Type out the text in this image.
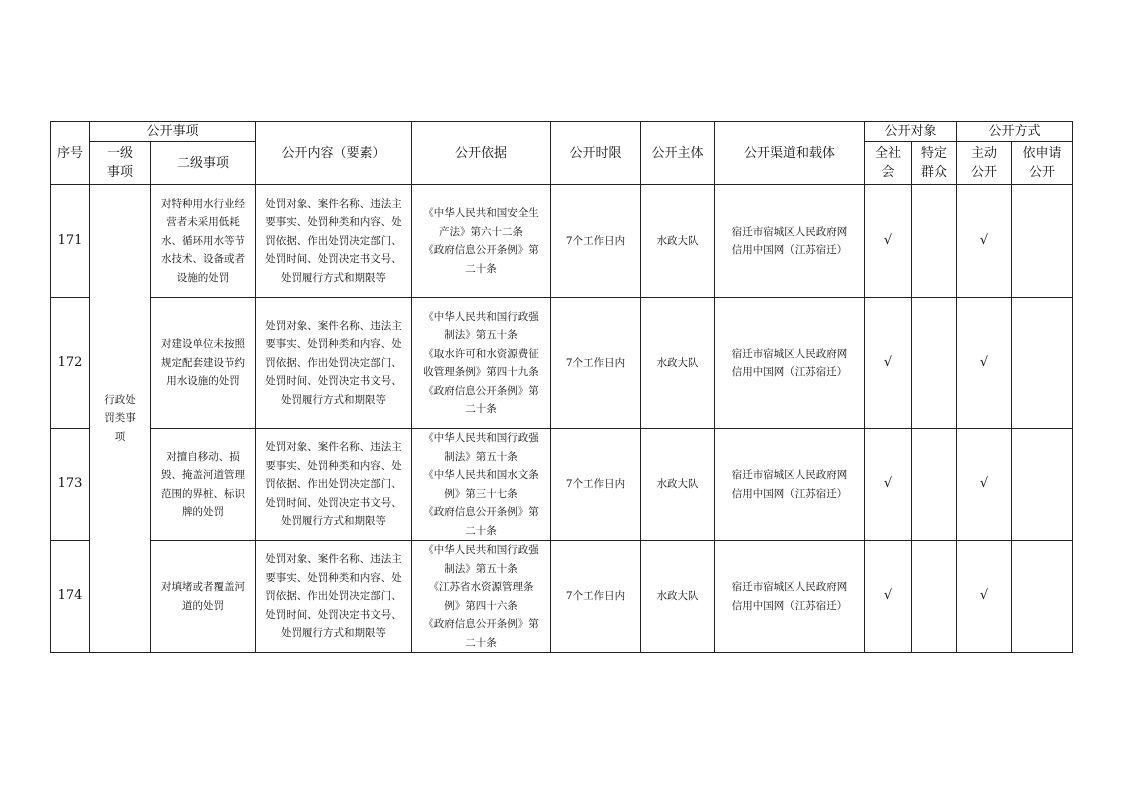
序号	公开事项		公开内容（要素）	公开依据	公开时限	公开主体	公开渠道和载体	公开对象		公开方式	
	一级事项	二级事项						全社会	特定群众	主动公开	依申请公开
171	行政处罚类事项	对特种用水行业经营者未采用低耗水、循环用水等节水技术、设备或者设施的处罚	处罚对象、案件名称、违法主要事实、处罚种类和内容、处罚依据、作出处罚决定部门、处罚时间、处罚决定书文号、处罚履行方式和期限等	《中华人民共和国安全生产法》第六十二条
《政府信息公开条例》第二十条	7个工作日内	水政大队	宿迁市宿城区人民政府网
信用中国网（江苏宿迁）	√		√	
172		对建设单位未按照规定配套建设节约用水设施的处罚	处罚对象、案件名称、违法主要事实、处罚种类和内容、处罚依据、作出处罚决定部门、处罚时间、处罚决定书文号、处罚履行方式和期限等	《中华人民共和国行政强制法》第五十条
《取水许可和水资源费征收管理条例》第四十九条
《政府信息公开条例》第二十条	7个工作日内	水政大队	宿迁市宿城区人民政府网
信用中国网（江苏宿迁）	√		√	
173		对擅自移动、损毁、掩盖河道管理范围的界桩、标识牌的处罚	处罚对象、案件名称、违法主要事实、处罚种类和内容、处罚依据、作出处罚决定部门、处罚时间、处罚决定书文号、处罚履行方式和期限等	《中华人民共和国行政强制法》第五十条
《中华人民共和国水文条例》第三十七条
《政府信息公开条例》第二十条	7个工作日内	水政大队	宿迁市宿城区人民政府网
信用中国网（江苏宿迁）	√		√	
174		对填堵或者覆盖河道的处罚	处罚对象、案件名称、违法主要事实、处罚种类和内容、处罚依据、作出处罚决定部门、处罚时间、处罚决定书文号、处罚履行方式和期限等	《中华人民共和国行政强制法》第五十条
《江苏省水资源管理条例》第四十六条
《政府信息公开条例》第二十条	7个工作日内	水政大队	宿迁市宿城区人民政府网
信用中国网（江苏宿迁）	√		√	
